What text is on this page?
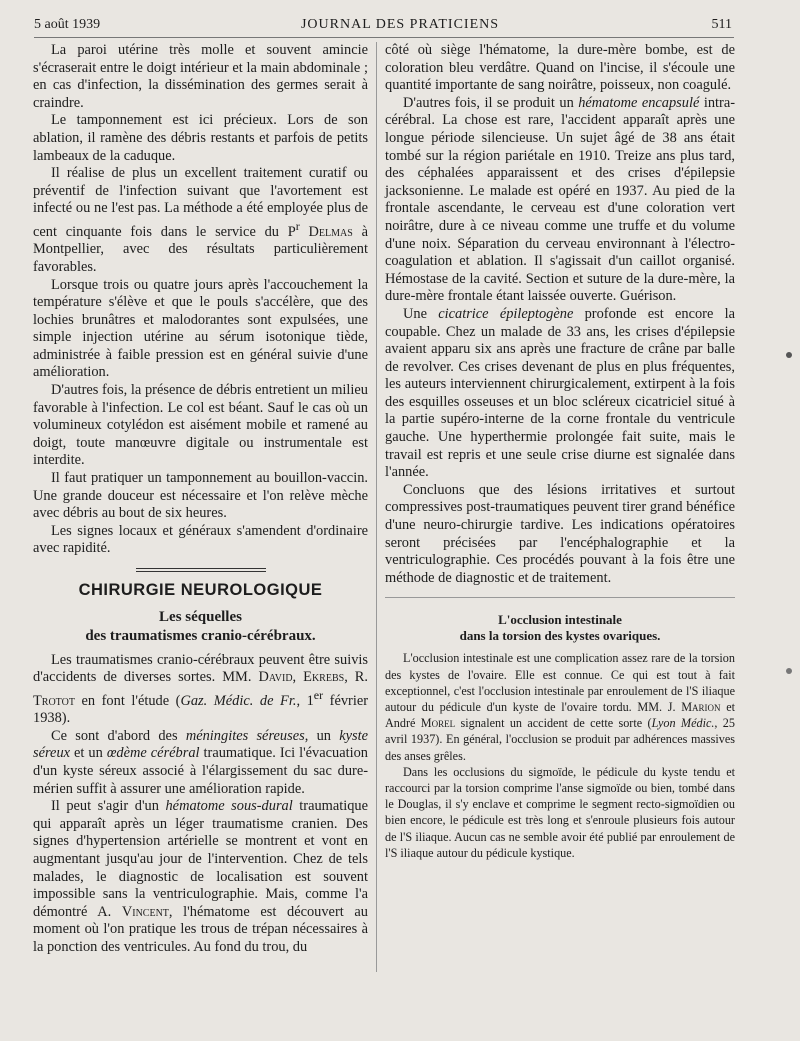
5 août 1939	JOURNAL DES PRATICIENS	511

La paroi utérine très molle et souvent amincie s'écraserait entre le doigt intérieur et la main abdominale ; en cas d'infection, la dissémination des germes serait à craindre.

Le tamponnement est ici précieux. Lors de son ablation, il ramène des débris restants et parfois de petits lambeaux de la caduque.

Il réalise de plus un excellent traitement curatif ou préventif de l'infection suivant que l'avortement est infecté ou ne l'est pas. La méthode a été employée plus de cent cinquante fois dans le service du $P^r$ Delmas à Montpellier, avec des résultats particulièrement favorables.

Lorsque trois ou quatre jours après l'accouchement la température s'élève et que le pouls s'accélère, que des lochies brunâtres et malodorantes sont expulsées, une simple injection utérine au sérum isotonique tiède, administrée à faible pression est en général suivie d'une amélioration.

D'autres fois, la présence de débris entretient un milieu favorable à l'infection. Le col est béant. Sauf le cas où un volumineux cotylédon est aisément mobile et ramené au doigt, toute manœuvre digitale ou instrumentale est interdite.

Il faut pratiquer un tamponnement au bouillon-vaccin. Une grande douceur est nécessaire et l'on relève mèche avec débris au bout de six heures.

Les signes locaux et généraux s'amendent d'ordinaire avec rapidité.

CHIRURGIE NEUROLOGIQUE
Les séquelles
des traumatismes cranio-cérébraux.

Les traumatismes cranio-cérébraux peuvent être suivis d'accidents de diverses sortes. MM. David, Ekrebs, R. Trotot en font l'étude (Gaz. Médic. de Fr., 1er février 1938).

Ce sont d'abord des méningites séreuses, un kyste séreux et un œdème cérébral traumatique. Ici l'évacuation d'un kyste séreux associé à l'élargissement du sac dure-mérien suffit à assurer une amélioration rapide.

Il peut s'agir d'un hématome sous-dural traumatique qui apparaît après un léger traumatisme cranien. Des signes d'hypertension artérielle se montrent et vont en augmentant jusqu'au jour de l'intervention. Chez de tels malades, le diagnostic de localisation est souvent impossible sans la ventriculographie. Mais, comme l'a démontré A. Vincent, l'hématome est découvert au moment où l'on pratique les trous de trépan nécessaires à la ponction des ventricules. Au fond du trou, du

côté où siège l'hématome, la dure-mère bombe, est de coloration bleu verdâtre. Quand on l'incise, il s'écoule une quantité importante de sang noirâtre, poisseux, non coagulé.

D'autres fois, il se produit un hématome encapsulé intra-cérébral. La chose est rare, l'accident apparaît après une longue période silencieuse. Un sujet âgé de 38 ans était tombé sur la région pariétale en 1910. Treize ans plus tard, des céphalées apparaissent et des crises d'épilepsie jacksonienne. Le malade est opéré en 1937. Au pied de la frontale ascendante, le cerveau est d'une coloration vert noirâtre, dure à ce niveau comme une truffe et du volume d'une noix. Séparation du cerveau environnant à l'électro-coagulation et ablation. Il s'agissait d'un caillot organisé. Hémostase de la cavité. Section et suture de la dure-mère, la dure-mère frontale étant laissée ouverte. Guérison.

Une cicatrice épileptogène profonde est encore la coupable. Chez un malade de 33 ans, les crises d'épilepsie avaient apparu six ans après une fracture de crâne par balle de revolver. Ces crises devenant de plus en plus fréquentes, les auteurs interviennent chirurgicalement, extirpent à la fois des esquilles osseuses et un bloc scléreux cicatriciel situé à la partie supéro-interne de la corne frontale du ventricule gauche. Une hyperthermie prolongée fait suite, mais le travail est repris et une seule crise diurne est signalée dans l'année.

Concluons que des lésions irritatives et surtout compressives post-traumatiques peuvent tirer grand bénéfice d'une neuro-chirurgie tardive. Les indications opératoires seront précisées par l'encéphalographie et la ventriculographie. Ces procédés pouvant à la fois être une méthode de diagnostic et de traitement.

L'occlusion intestinale
dans la torsion des kystes ovariques.

L'occlusion intestinale est une complication assez rare de la torsion des kystes de l'ovaire. Elle est connue. Ce qui est tout à fait exceptionnel, c'est l'occlusion intestinale par enroulement de l'S iliaque autour du pédicule d'un kyste de l'ovaire tordu. MM. J. Marion et André Morel signalent un accident de cette sorte (Lyon Médic., 25 avril 1937). En général, l'occlusion se produit par adhérences massives des anses grêles.

Dans les occlusions du sigmoïde, le pédicule du kyste tendu et raccourci par la torsion comprime l'anse sigmoïde ou bien, tombé dans le Douglas, il s'y enclave et comprime le segment recto-sigmoïdien ou bien encore, le pédicule est très long et s'enroule plusieurs fois autour de l'S iliaque. Aucun cas ne semble avoir été publié par enroulement de l'S iliaque autour du pédicule kystique.
